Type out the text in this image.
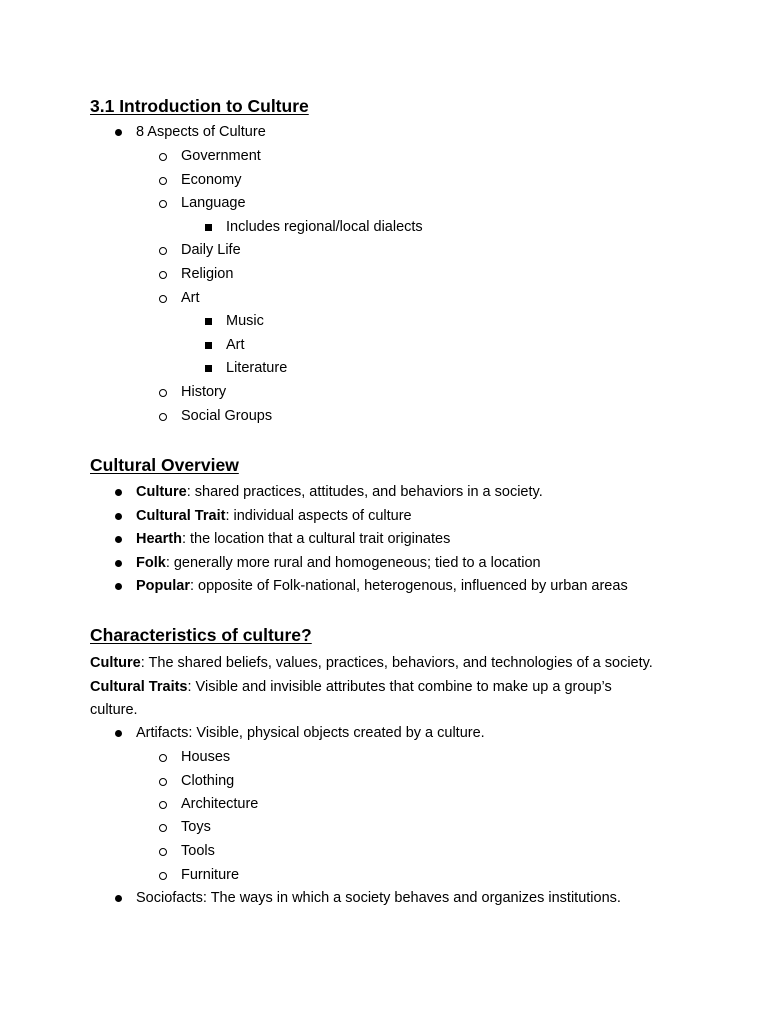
3.1 Introduction to Culture
8 Aspects of Culture
Government
Economy
Language
Includes regional/local dialects
Daily Life
Religion
Art
Music
Art
Literature
History
Social Groups
Cultural Overview
Culture: shared practices, attitudes, and behaviors in a society.
Cultural Trait: individual aspects of culture
Hearth: the location that a cultural trait originates
Folk: generally more rural and homogeneous; tied to a location
Popular: opposite of Folk-national, heterogenous, influenced by urban areas
Characteristics of culture?
Culture: The shared beliefs, values, practices, behaviors, and technologies of a society.
Cultural Traits: Visible and invisible attributes that combine to make up a group’s
culture.
Artifacts: Visible, physical objects created by a culture.
Houses
Clothing
Architecture
Toys
Tools
Furniture
Sociofacts: The ways in which a society behaves and organizes institutions.
